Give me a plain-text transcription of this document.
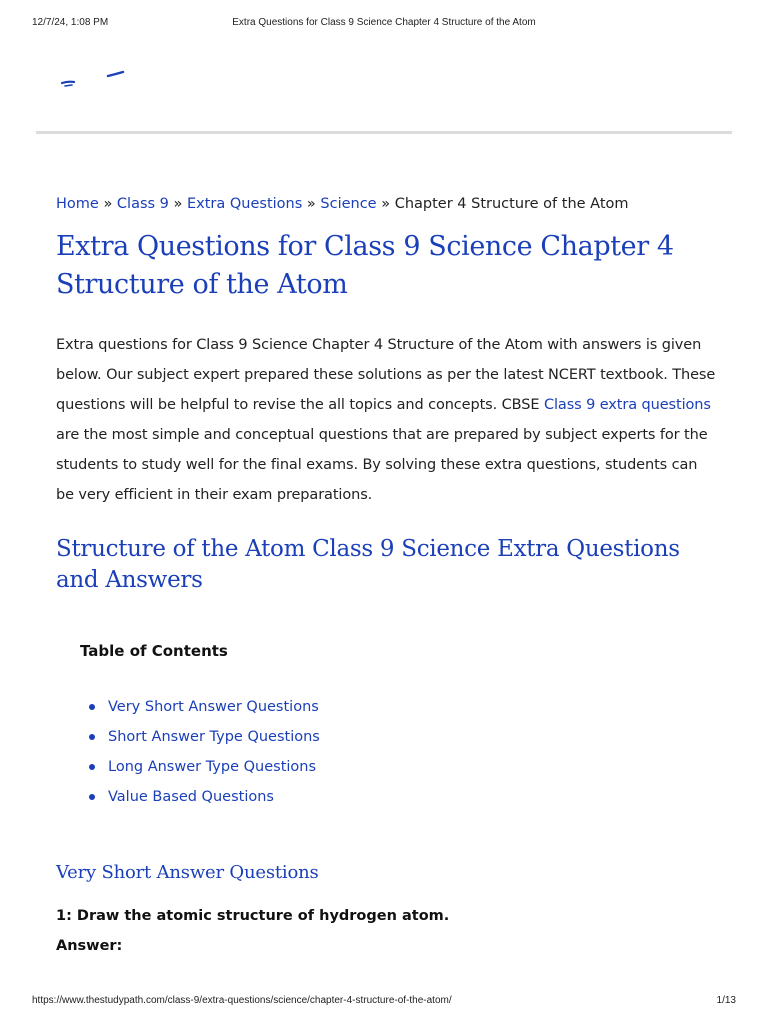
12/7/24, 1:08 PM	Extra Questions for Class 9 Science Chapter 4 Structure of the Atom
Home » Class 9 » Extra Questions » Science » Chapter 4 Structure of the Atom
Extra Questions for Class 9 Science Chapter 4 Structure of the Atom

Extra questions for Class 9 Science Chapter 4 Structure of the Atom with answers is given below. Our subject expert prepared these solutions as per the latest NCERT textbook. These questions will be helpful to revise the all topics and concepts. CBSE Class 9 extra questions are the most simple and conceptual questions that are prepared by subject experts for the students to study well for the final exams. By solving these extra questions, students can be very efficient in their exam preparations.

Structure of the Atom Class 9 Science Extra Questions and Answers
Table of Contents
Very Short Answer Questions
Short Answer Type Questions
Long Answer Type Questions
Value Based Questions
Very Short Answer Questions
1: Draw the atomic structure of hydrogen atom.
Answer:
https://www.thestudypath.com/class-9/extra-questions/science/chapter-4-structure-of-the-atom/	1/13
